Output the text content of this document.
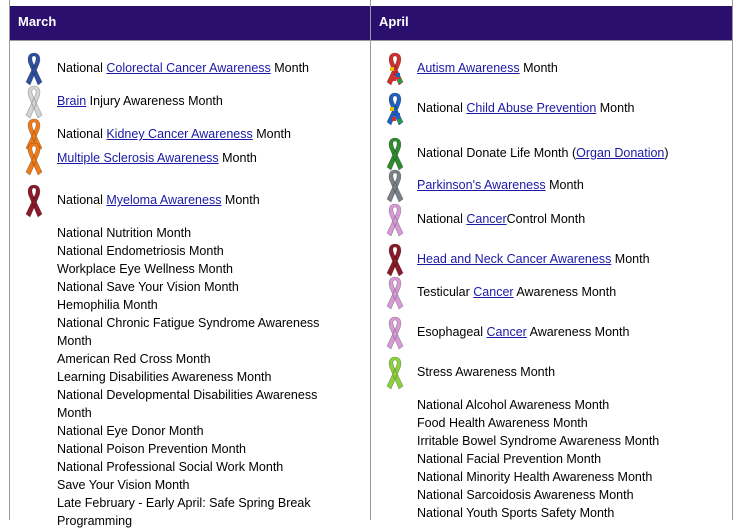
March	April
National Colorectal Cancer Awareness Month
Brain Injury Awareness Month
National Kidney Cancer Awareness Month
Multiple Sclerosis Awareness Month
National Myeloma Awareness Month
National Nutrition Month
National Endometriosis Month
Workplace Eye Wellness Month
National Save Your Vision Month
Hemophilia Month
National Chronic Fatigue Syndrome Awareness
Month
American Red Cross Month
Learning Disabilities Awareness Month
National Developmental Disabilities Awareness
Month
National Eye Donor Month
National Poison Prevention Month
National Professional Social Work Month
Save Your Vision Month
Late February - Early April: Safe Spring Break
Programming
Autism Awareness Month
National Child Abuse Prevention Month
National Donate Life Month (Organ Donation)
Parkinson's Awareness Month
National CancerControl Month
Head and Neck Cancer Awareness Month
Testicular Cancer Awareness Month
Esophageal Cancer Awareness Month
Stress Awareness Month
National Alcohol Awareness Month
Food Health Awareness Month
Irritable Bowel Syndrome Awareness Month
National Facial Prevention Month
National Minority Health Awareness Month
National Sarcoidosis Awareness Month
National Youth Sports Safety Month
